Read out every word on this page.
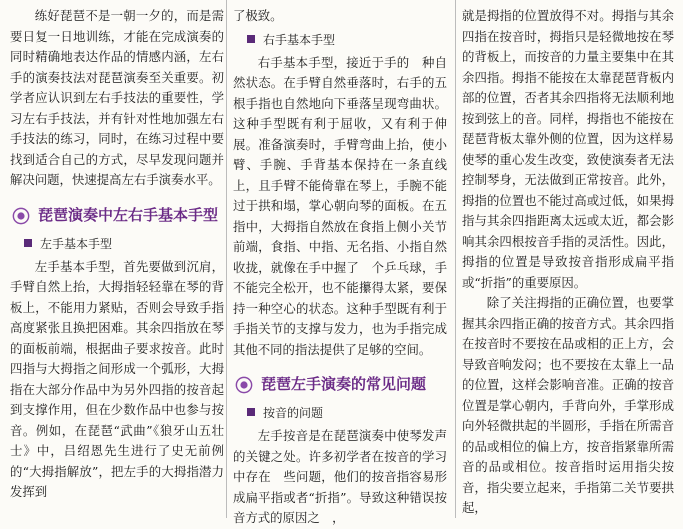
练好琵琶不是一朝一夕的，而是需要日复一日地训练，才能在完成演奏的同时精确地表达作品的情感内涵，左右手的演奏技法对琵琶演奏至关重要。初学者应认识到左右手技法的重要性，学习左右手技法，并有针对性地加强左右手技法的练习，同时，在练习过程中要找到适合自己的方式，尽早发现问题并解决问题，快速提高左右手演奏水平。

琵琶演奏中左右手基本手型
左手基本手型

左手基本手型，首先要做到沉肩，手臂自然上抬，大拇指轻轻靠在琴的背板上，不能用力紧贴，否则会导致手指高度紧张且换把困难。其余四指放在琴的面板前端，根据曲子要求按音。此时四指与大拇指之间形成一个弧形，大拇指在大部分作品中为另外四指的按音起到支撑作用，但在少数作品中也参与按音。例如，在琵琶“武曲”《狼牙山五壮士》中，吕绍恩先生进行了史无前例的“大拇指解放”，把左手的大拇指潜力发挥到

了极致。

右手基本手型

右手基本手型，接近于手的　种自然状态。在手臂自然垂落时，右手的五根手指也自然地向下垂落呈现弯曲状。这种手型既有利于屈收，又有利于伸展。准备演奏时，手臂弯曲上抬，使小臂、手腕、手背基本保持在一条直线上，且手臂不能倚靠在琴上，手腕不能过于拱和塌，掌心朝向琴的面板。在五指中，大拇指自然放在食指上侧小关节前端，食指、中指、无名指、小指自然收拢，就像在手中握了　个乒乓球，手不能完全松开，也不能攥得太紧，要保持一种空心的状态。这种手型既有利于手指关节的支撑与发力，也为手指完成其他不同的指法提供了足够的空间。

琵琶左手演奏的常见问题
按音的问题

左手按音是在琵琶演奏中使琴发声的关键之处。许多初学者在按音的学习中存在　些问题，他们的按音指容易形成扁平指或者“折指”。导致这种错误按音方式的原因之　，

就是拇指的位置放得不对。拇指与其余四指在按音时，拇指只是轻微地按在琴的背板上，而按音的力量主要集中在其余四指。拇指不能按在太靠琵琶背板内部的位置，否者其余四指将无法顺利地按到弦上的音。同样，拇指也不能按在琵琶背板太靠外侧的位置，因为这样易使琴的重心发生改变，致使演奏者无法控制琴身，无法做到正常按音。此外，拇指的位置也不能过高或过低，如果拇指与其余四指距离太远或太近，都会影响其余四根按音手指的灵活性。因此，拇指的位置是导致按音指形成扁平指或“折指”的重要原因。

除了关注拇指的正确位置，也要掌握其余四指正确的按音方式。其余四指在按音时不要按在品或相的正上方，会导致音响发闷；也不要按在太靠上一品的位置，这样会影响音准。正确的按音位置是掌心朝内，手背向外，手掌形成向外轻微拱起的半圆形，手指在所需音的品或相位的偏上方，按音指紧靠所需音的品或相位。按音指时运用指尖按音，指尖要立起来，手指第二关节要拱起，
